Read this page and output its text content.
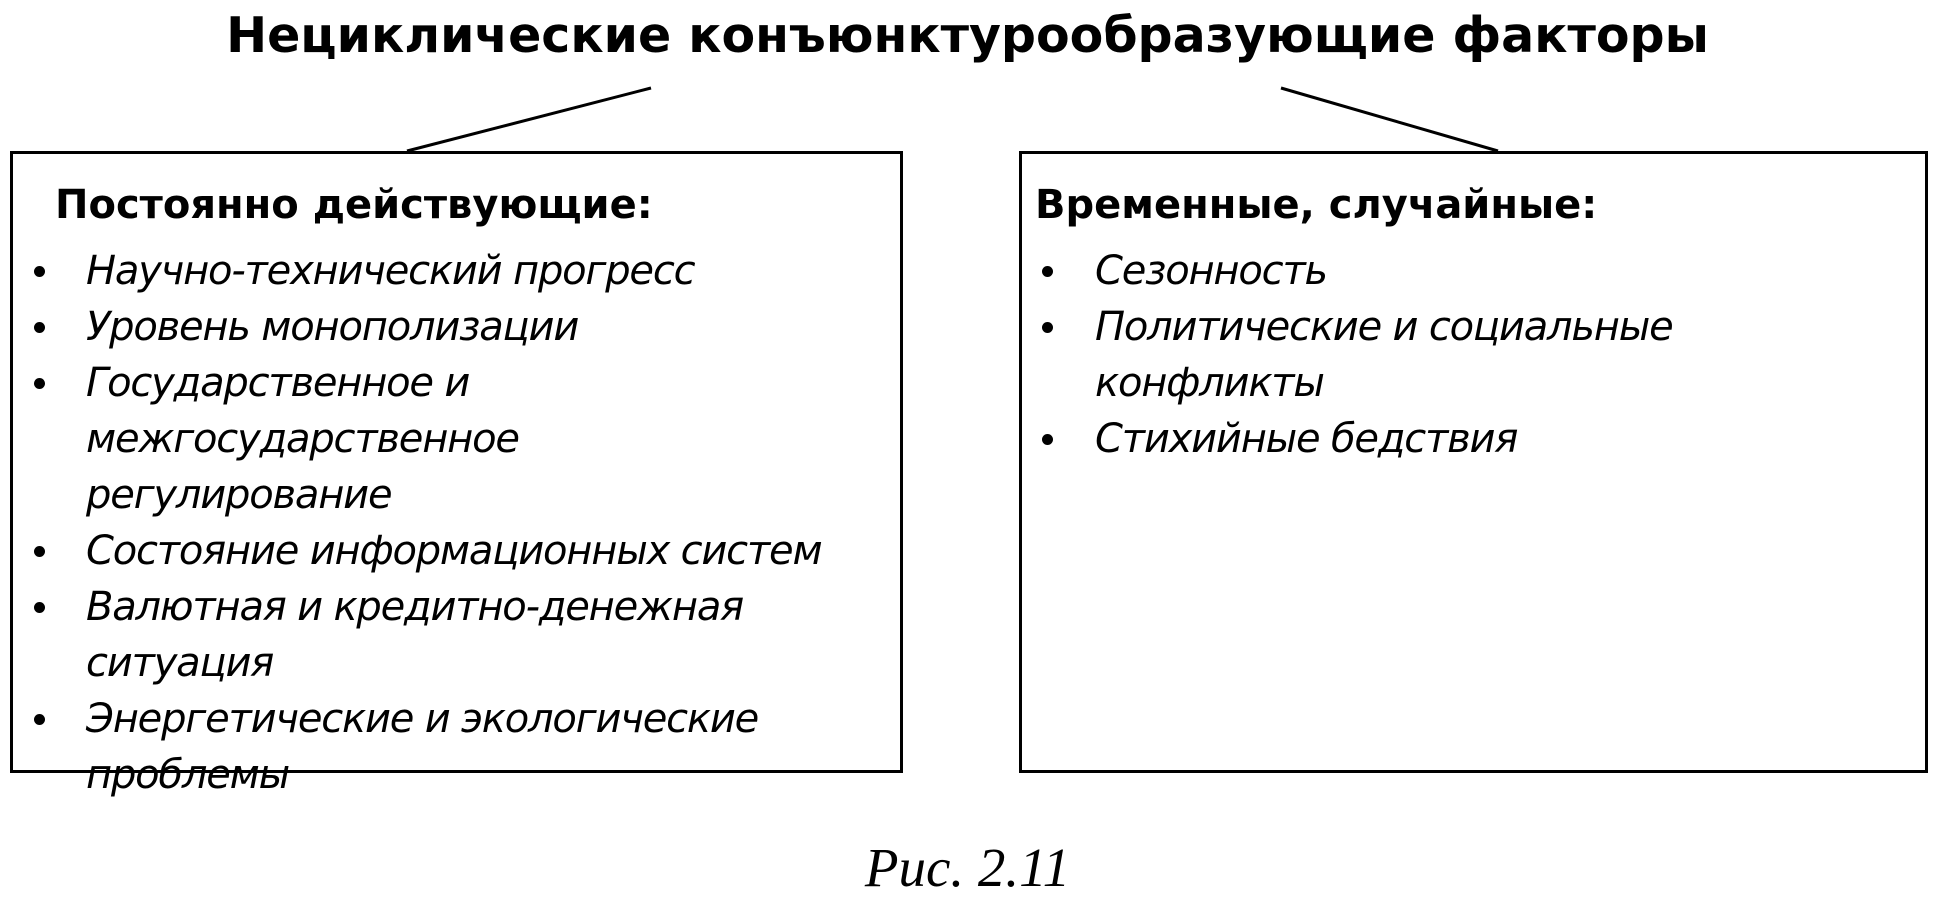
Нециклические конъюнктурообразующие факторы
Постоянно действующие:
Научно-технический прогресс
Уровень монополизации
Государственное и межгосударственное регулирование
Состояние информационных систем
Валютная и кредитно-денежная ситуация
Энергетические и экологические проблемы
Временные, случайные:
Сезонность
Политические и социальные конфликты
Стихийные бедствия
Рис. 2.11
